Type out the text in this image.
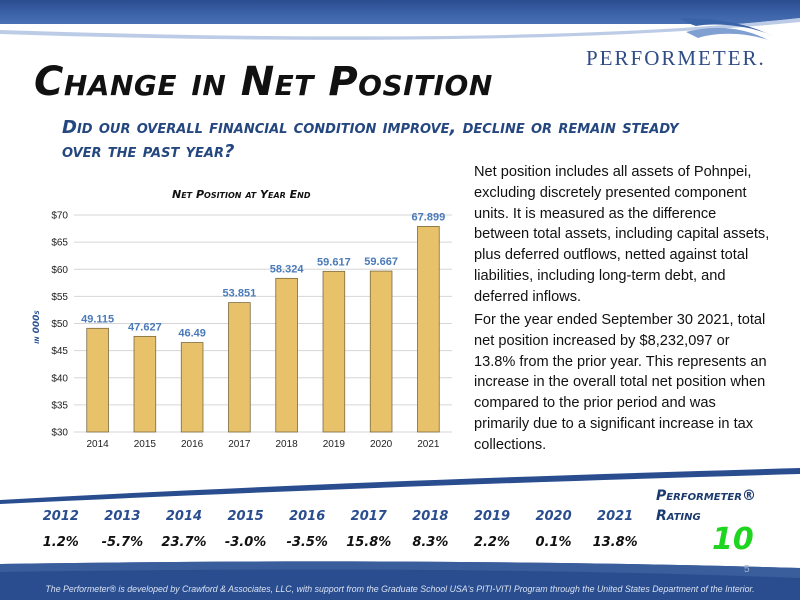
PERFORMETER.
Change in Net Position

Did our overall financial condition improve, decline or remain steady over the past year?

Net Position at Year End
in 000s
$30
$35
$40
$45
$50
$55
$60
$65
$70
49.115
47.627
46.49
53.851
58.324
59.617 59.667
67.899
2014	2015	2016	2017	2018	2019	2020	2021

Net position includes all assets of Pohnpei, excluding discretely presented component units. It is measured as the difference between total assets, including capital assets, plus deferred outflows, netted against total liabilities, including long-term debt, and deferred inflows.

For the year ended September 30 2021, total net position increased by $8,232,097 or 13.8% from the prior year. This represents an increase in the overall total net position when compared to the prior period and was primarily due to a significant increase in tax collections.

2012	2013	2014	2015	2016	2017	2018	2019	2020	2021
1.2%	-5.7%	23.7%	-3.0%	-3.5%	15.8%	8.3%	2.2%	0.1%	13.8%
Performeter®
Rating
10
5
The Performeter® is developed by Crawford & Associates, LLC, with support from the Graduate School USA's PITI-VITI Program through the United States Department of the Interior.
